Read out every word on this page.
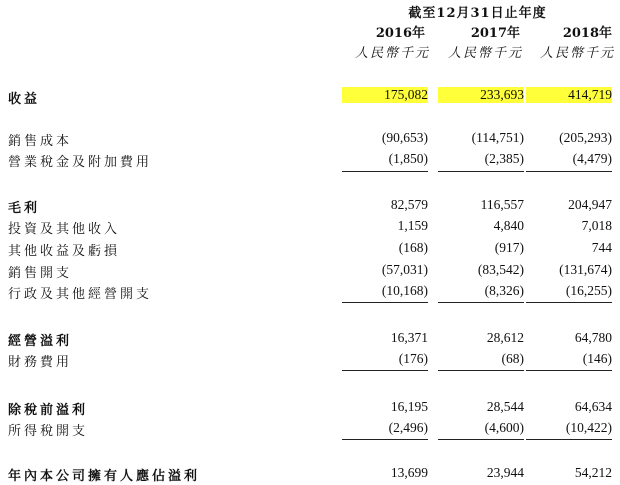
截至12月31日止年度
2016年	2017年	2018年
人民幣千元	人民幣千元	人民幣千元
收益	175,082	233,693	414,719
銷售成本	(90,653)	(114,751)	(205,293)
營業稅金及附加費用	(1,850)	(2,385)	(4,479)
毛利	82,579	116,557	204,947
投資及其他收入	1,159	4,840	7,018
其他收益及虧損	(168)	(917)	744
銷售開支	(57,031)	(83,542)	(131,674)
行政及其他經營開支	(10,168)	(8,326)	(16,255)
經營溢利	16,371	28,612	64,780
財務費用	(176)	(68)	(146)
除稅前溢利	16,195	28,544	64,634
所得稅開支	(2,496)	(4,600)	(10,422)
年內本公司擁有人應佔溢利	13,699	23,944	54,212
